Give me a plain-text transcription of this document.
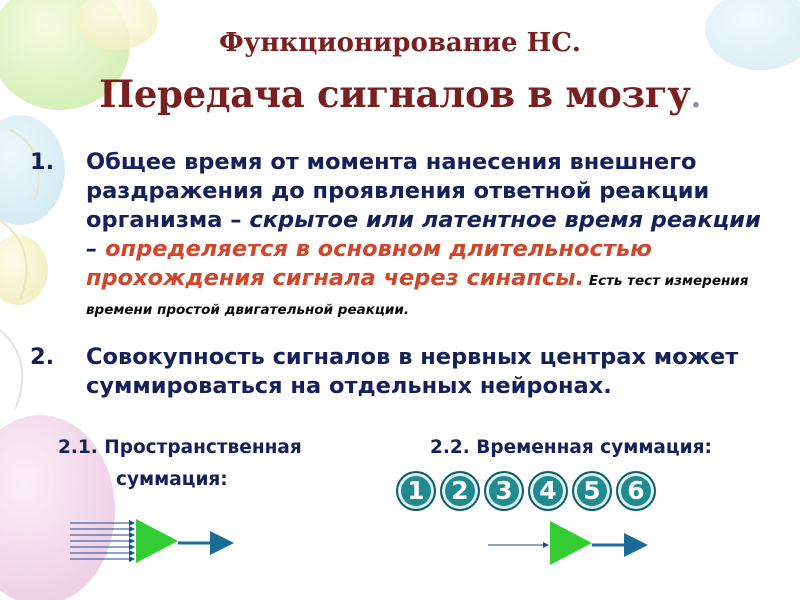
Функционирование НС.
Передача сигналов в мозгу.
1. Общее время от момента нанесения внешнего раздражения до проявления ответной реакции организма – скрытое или латентное время реакции – определяется в основном длительностью прохождения сигнала через синапсы. Есть тест измерения времени простой двигательной реакции.
2. Совокупность сигналов в нервных центрах может суммироваться на отдельных нейронах.
2.1. Пространственная
суммация:
2.2. Временная суммация:
1	2	3	4	5	6
